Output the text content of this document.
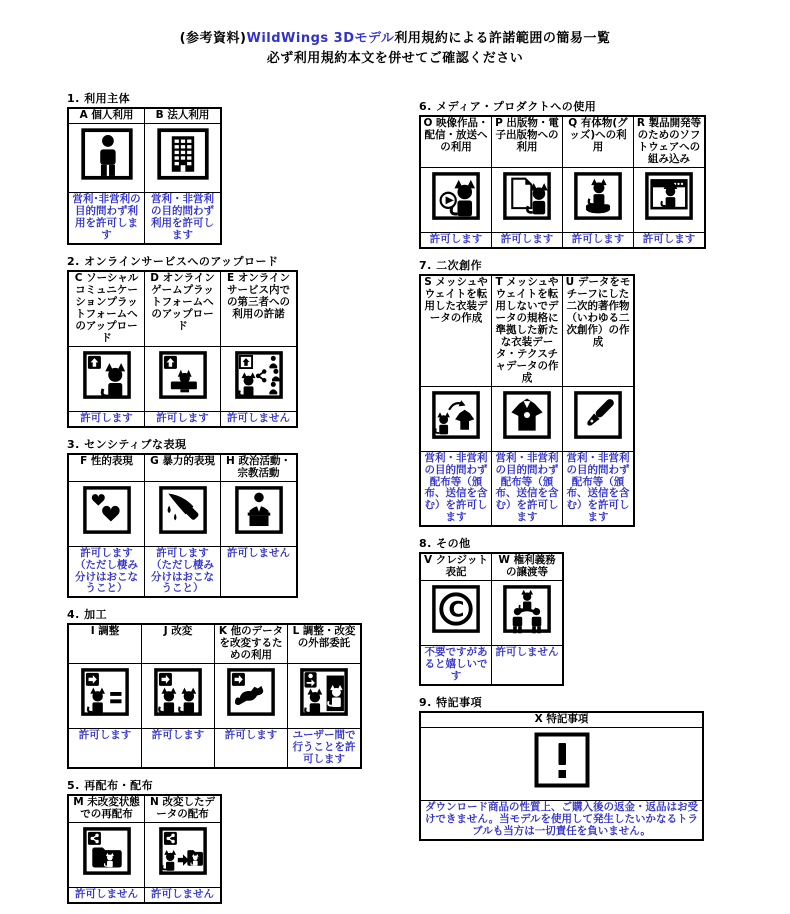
(参考資料)WildWings 3Dモデル利用規約による許諾範囲の簡易一覧
必ず利用規約本文を併せてご確認ください
1. 利用主体
A 個人利用	B 法人利用

営利･非営利の目的問わず利用を許可します	営利・非営利の目的問わず利用を許可します
2. オンラインサービスへのアップロード
C ソーシャルコミュニケーションプラットフォームへのアップロード	D オンラインゲームプラットフォームへのアップロード	E オンラインサービス内での第三者への利用の許諾

許可します	許可します	許可しません
3. センシティブな表現
F 性的表現	G 暴力的表現	H 政治活動・宗教活動

許可します（ただし棲み分けはおこなうこと）	許可します（ただし棲み分けはおこなうこと）	許可しません
4. 加工
I 調整	J 改変	K 他のデータを改変するための利用	L 調整・改変の外部委託

許可します	許可します	許可します	ユーザー間で行うことを許可します
5. 再配布・配布
M 未改変状態での再配布	N 改変したデータの配布

許可しません	許可しません
6. メディア・プロダクトへの使用
O 映像作品・配信・放送への利用	P 出版物・電子出版物への利用	Q 有体物(グッズ)への利用	R 製品開発等のためのソフトウェアへの組み込み

許可します	許可します	許可します	許可します
7. 二次創作
S メッシュやウェイトを転用した衣装データの作成	T メッシュやウェイトを転用しないでデータの規格に準拠した新たな衣装データ・テクスチャデータの作成	U データをモチーフにした二次的著作物（いわゆる二次創作）の作成

営利・非営利の目的問わず配布等（頒布、送信を含む）を許可します	営利・非営利の目的問わず配布等（頒布、送信を含む）を許可します	営利・非営利の目的問わず配布等（頒布、送信を含む）を許可します
8. その他
V クレジット表記	W 権利義務の譲渡等

C

不要ですがあると嬉しいです	許可しません
9. 特記事項
X 特記事項

ダウンロード商品の性質上、ご購入後の返金・返品はお受けできません。当モデルを使用して発生したいかなるトラブルも当方は一切責任を負いません。
